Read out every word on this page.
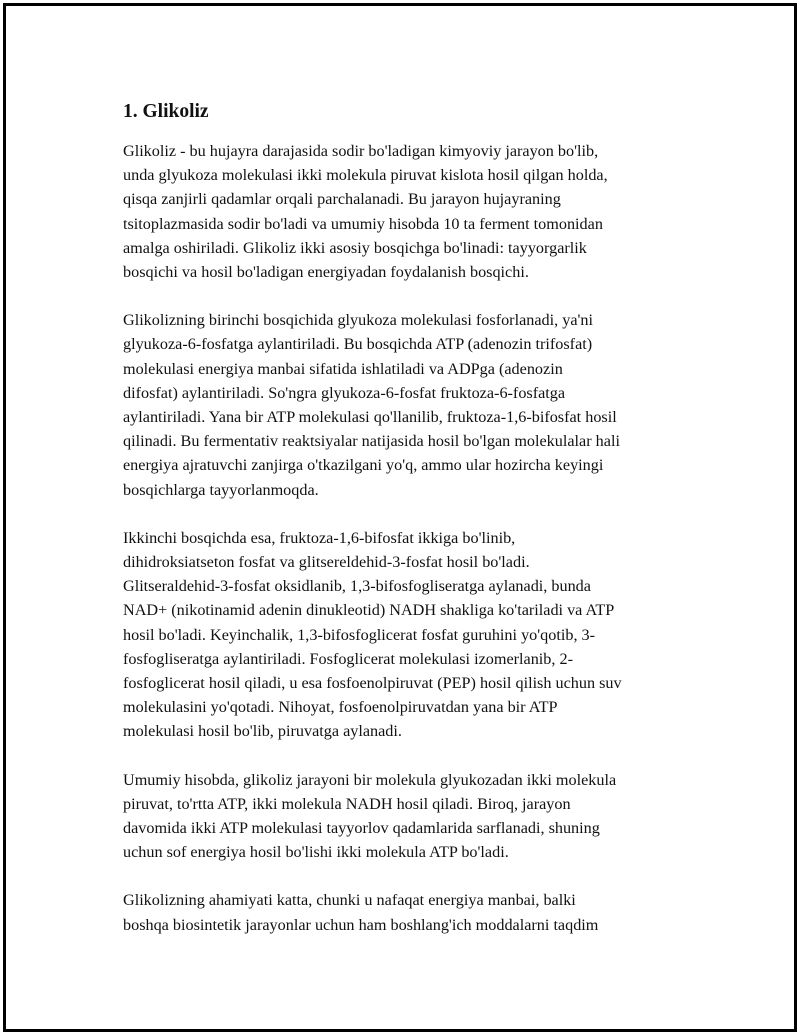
1. Glikoliz
Glikoliz - bu hujayra darajasida sodir bo'ladigan kimyoviy jarayon bo'lib,
unda glyukoza molekulasi ikki molekula piruvat kislota hosil qilgan holda,
qisqa zanjirli qadamlar orqali parchalanadi. Bu jarayon hujayraning
tsitoplazmasida sodir bo'ladi va umumiy hisobda 10 ta ferment tomonidan
amalga oshiriladi. Glikoliz ikki asosiy bosqichga bo'linadi: tayyorgarlik
bosqichi va hosil bo'ladigan energiyadan foydalanish bosqichi.
Glikolizning birinchi bosqichida glyukoza molekulasi fosforlanadi, ya'ni
glyukoza-6-fosfatga aylantiriladi. Bu bosqichda ATP (adenozin trifosfat)
molekulasi energiya manbai sifatida ishlatiladi va ADPga (adenozin
difosfat) aylantiriladi. So'ngra glyukoza-6-fosfat fruktoza-6-fosfatga
aylantiriladi. Yana bir ATP molekulasi qo'llanilib, fruktoza-1,6-bifosfat hosil
qilinadi. Bu fermentativ reaktsiyalar natijasida hosil bo'lgan molekulalar hali
energiya ajratuvchi zanjirga o'tkazilgani yo'q, ammo ular hozircha keyingi
bosqichlarga tayyorlanmoqda.
Ikkinchi bosqichda esa, fruktoza-1,6-bifosfat ikkiga bo'linib,
dihidroksiatseton fosfat va glitsereldehid-3-fosfat hosil bo'ladi.
Glitseraldehid-3-fosfat oksidlanib, 1,3-bifosfogliseratga aylanadi, bunda
NAD+ (nikotinamid adenin dinukleotid) NADH shakliga ko'tariladi va ATP
hosil bo'ladi. Keyinchalik, 1,3-bifosfoglicerat fosfat guruhini yo'qotib, 3-
fosfogliseratga aylantiriladi. Fosfoglicerat molekulasi izomerlanib, 2-
fosfoglicerat hosil qiladi, u esa fosfoenolpiruvat (PEP) hosil qilish uchun suv
molekulasini yo'qotadi. Nihoyat, fosfoenolpiruvatdan yana bir ATP
molekulasi hosil bo'lib, piruvatga aylanadi.
Umumiy hisobda, glikoliz jarayoni bir molekula glyukozadan ikki molekula
piruvat, to'rtta ATP, ikki molekula NADH hosil qiladi. Biroq, jarayon
davomida ikki ATP molekulasi tayyorlov qadamlarida sarflanadi, shuning
uchun sof energiya hosil bo'lishi ikki molekula ATP bo'ladi.
Glikolizning ahamiyati katta, chunki u nafaqat energiya manbai, balki
boshqa biosintetik jarayonlar uchun ham boshlang'ich moddalarni taqdim
